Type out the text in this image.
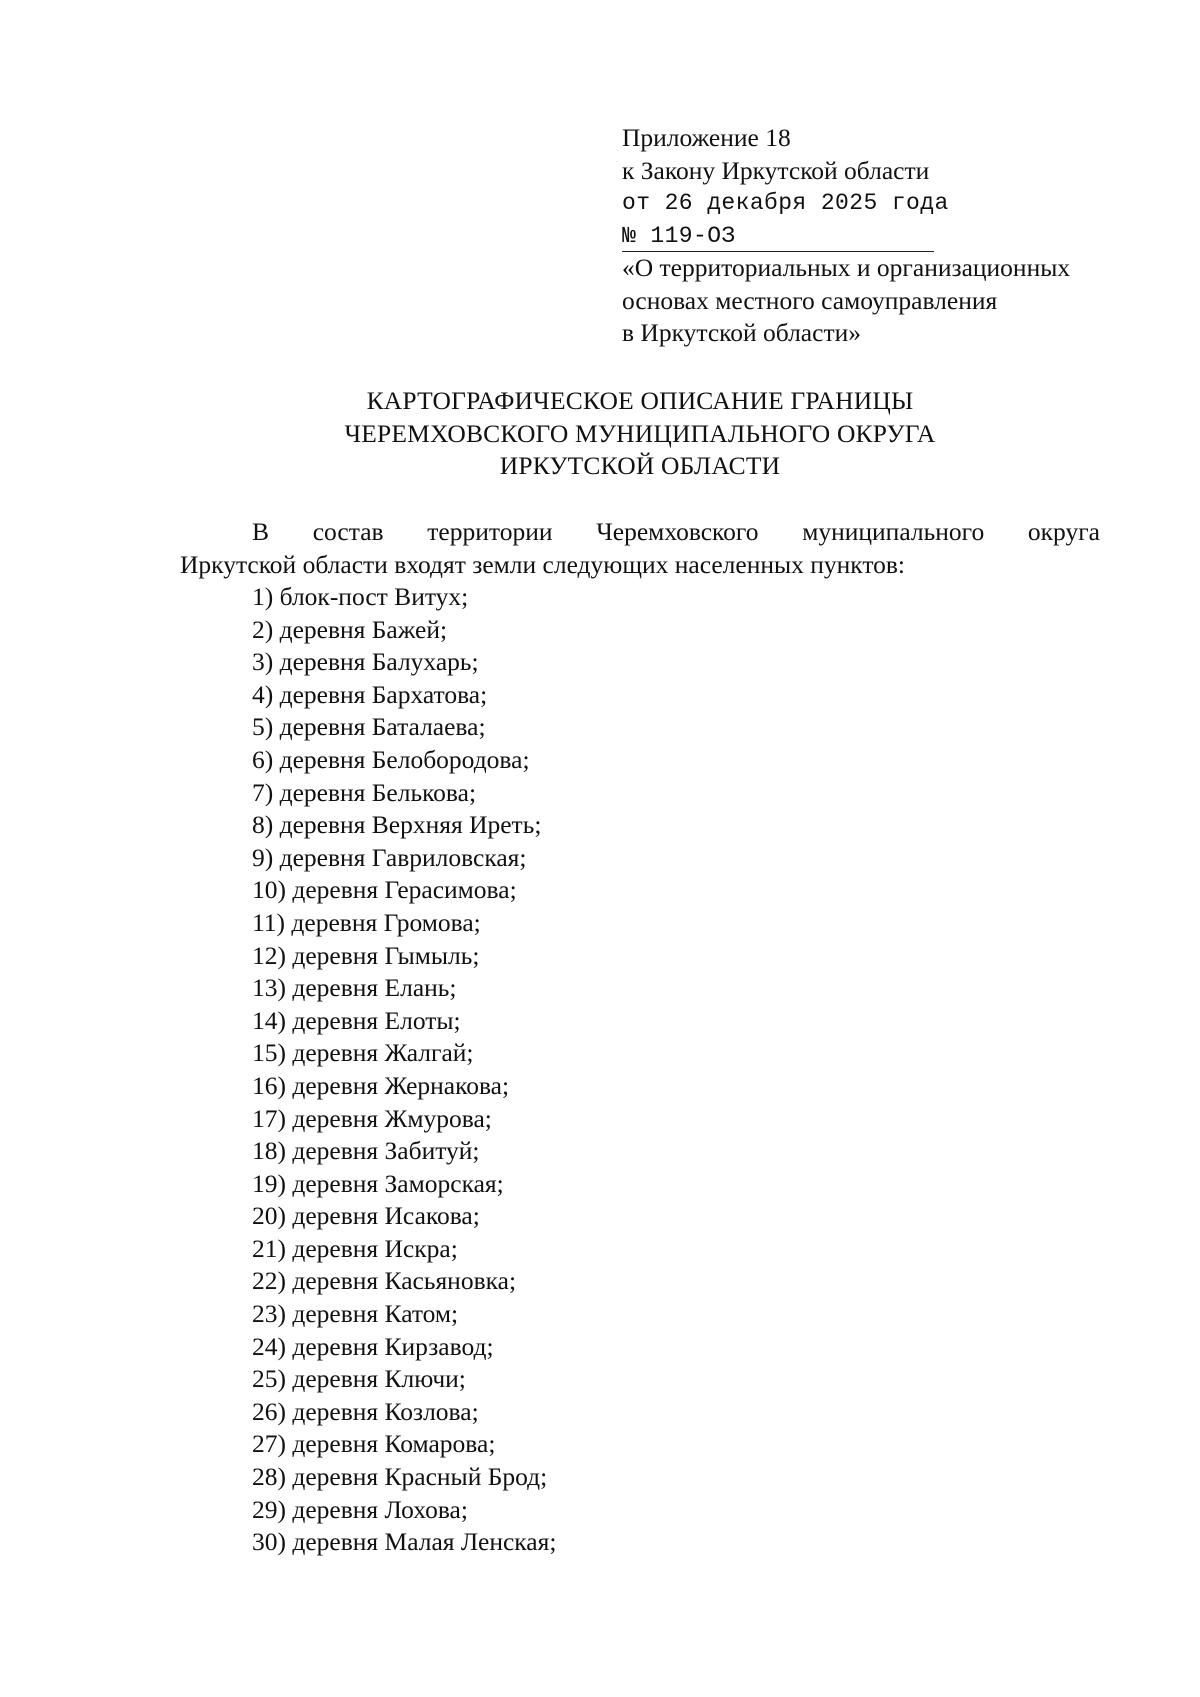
Приложение 18
к Закону Иркутской области
от 26 декабря 2025 года
№ 119-ОЗ
«О территориальных и организационных
основах местного самоуправления
в Иркутской области»
КАРТОГРАФИЧЕСКОЕ ОПИСАНИЕ ГРАНИЦЫ
ЧЕРЕМХОВСКОГО МУНИЦИПАЛЬНОГО ОКРУГА
ИРКУТСКОЙ ОБЛАСТИ
В состав территории Черемховского муниципального округа
Иркутской области входят земли следующих населенных пунктов:
1) блок-пост Витух;
2) деревня Бажей;
3) деревня Балухарь;
4) деревня Бархатова;
5) деревня Баталаева;
6) деревня Белобородова;
7) деревня Белькова;
8) деревня Верхняя Иреть;
9) деревня Гавриловская;
10) деревня Герасимова;
11) деревня Громова;
12) деревня Гымыль;
13) деревня Елань;
14) деревня Елоты;
15) деревня Жалгай;
16) деревня Жернакова;
17) деревня Жмурова;
18) деревня Забитуй;
19) деревня Заморская;
20) деревня Исакова;
21) деревня Искра;
22) деревня Касьяновка;
23) деревня Катом;
24) деревня Кирзавод;
25) деревня Ключи;
26) деревня Козлова;
27) деревня Комарова;
28) деревня Красный Брод;
29) деревня Лохова;
30) деревня Малая Ленская;
